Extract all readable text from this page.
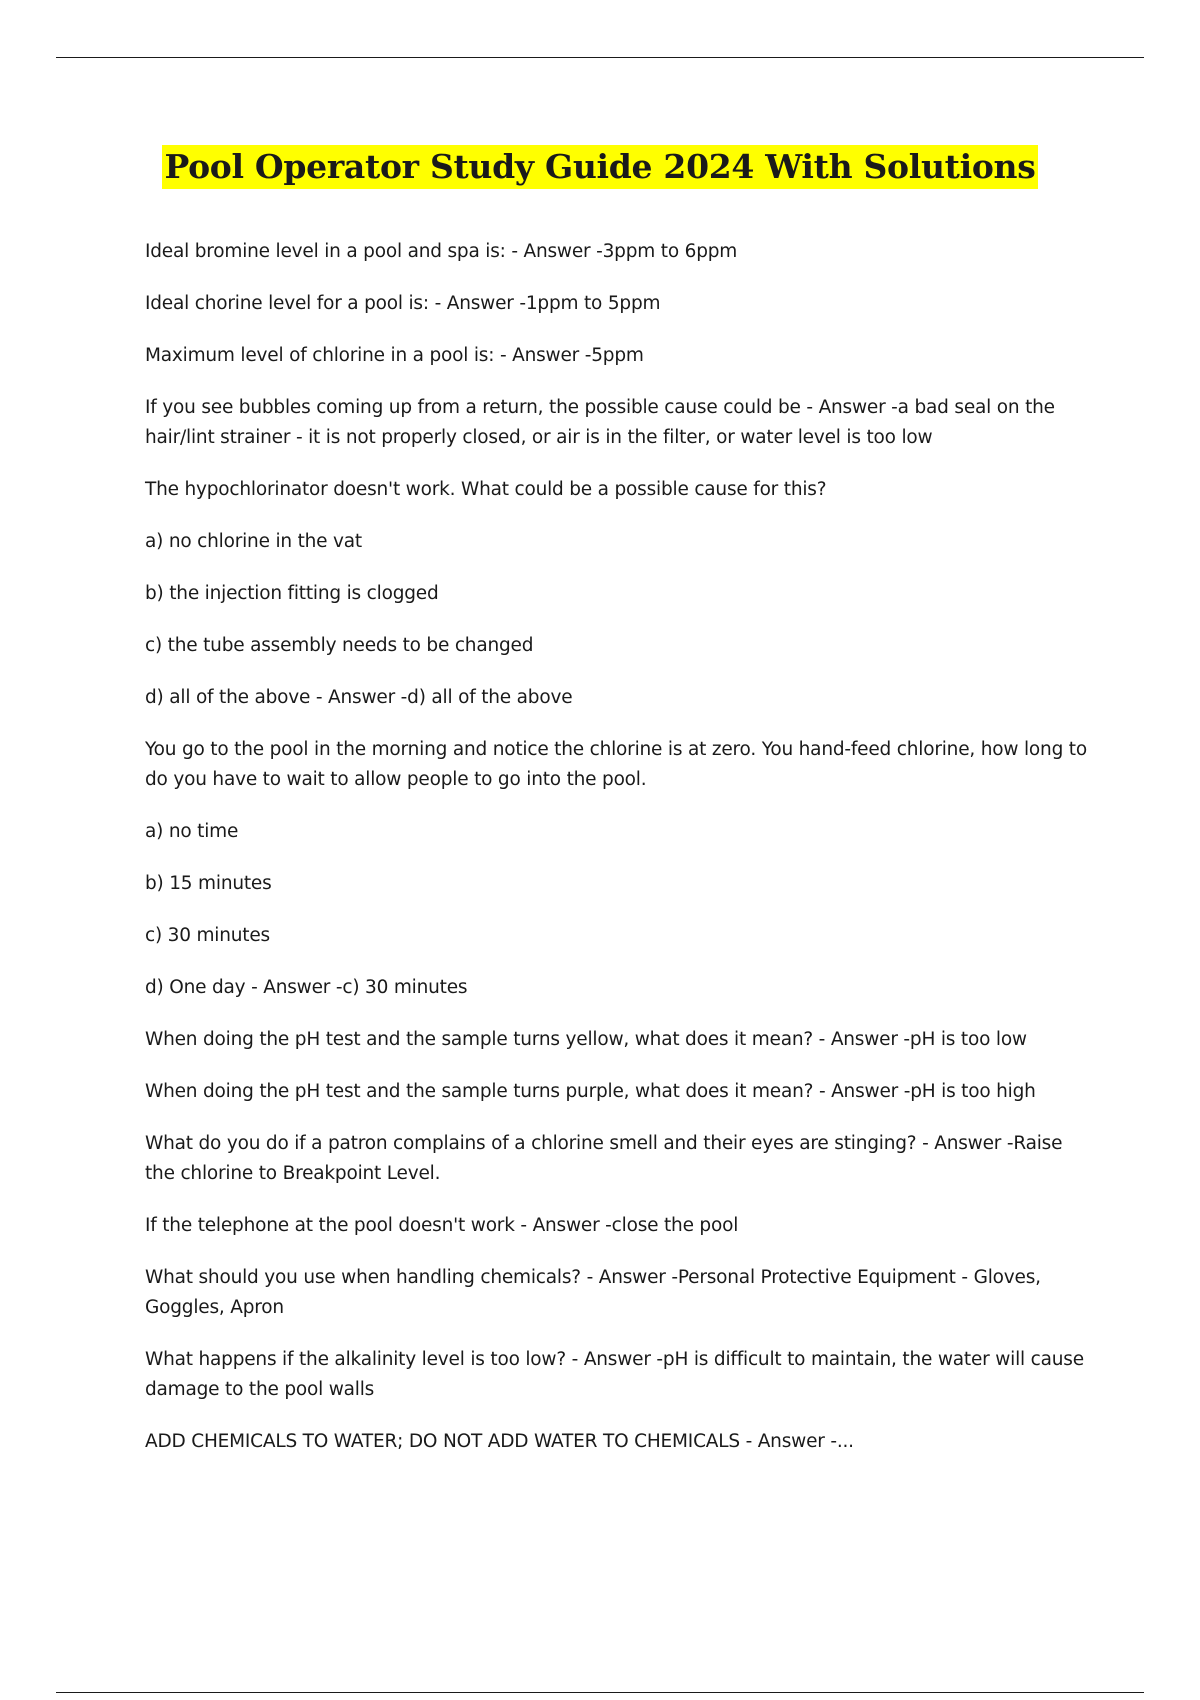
Pool Operator Study Guide 2024 With Solutions

Ideal bromine level in a pool and spa is: - Answer -3ppm to 6ppm

Ideal chorine level for a pool is: - Answer -1ppm to 5ppm

Maximum level of chlorine in a pool is: - Answer -5ppm

If you see bubbles coming up from a return, the possible cause could be - Answer -a bad seal on the hair/lint strainer - it is not properly closed, or air is in the filter, or water level is too low

The hypochlorinator doesn't work. What could be a possible cause for this?

a) no chlorine in the vat

b) the injection fitting is clogged

c) the tube assembly needs to be changed

d) all of the above - Answer -d) all of the above

You go to the pool in the morning and notice the chlorine is at zero. You hand-feed chlorine, how long to do you have to wait to allow people to go into the pool.

a) no time

b) 15 minutes

c) 30 minutes

d) One day - Answer -c) 30 minutes

When doing the pH test and the sample turns yellow, what does it mean? - Answer -pH is too low

When doing the pH test and the sample turns purple, what does it mean? - Answer -pH is too high

What do you do if a patron complains of a chlorine smell and their eyes are stinging? - Answer -Raise the chlorine to Breakpoint Level.

If the telephone at the pool doesn't work - Answer -close the pool

What should you use when handling chemicals? - Answer -Personal Protective Equipment - Gloves, Goggles, Apron

What happens if the alkalinity level is too low? - Answer -pH is difficult to maintain, the water will cause damage to the pool walls

ADD CHEMICALS TO WATER; DO NOT ADD WATER TO CHEMICALS - Answer -...
